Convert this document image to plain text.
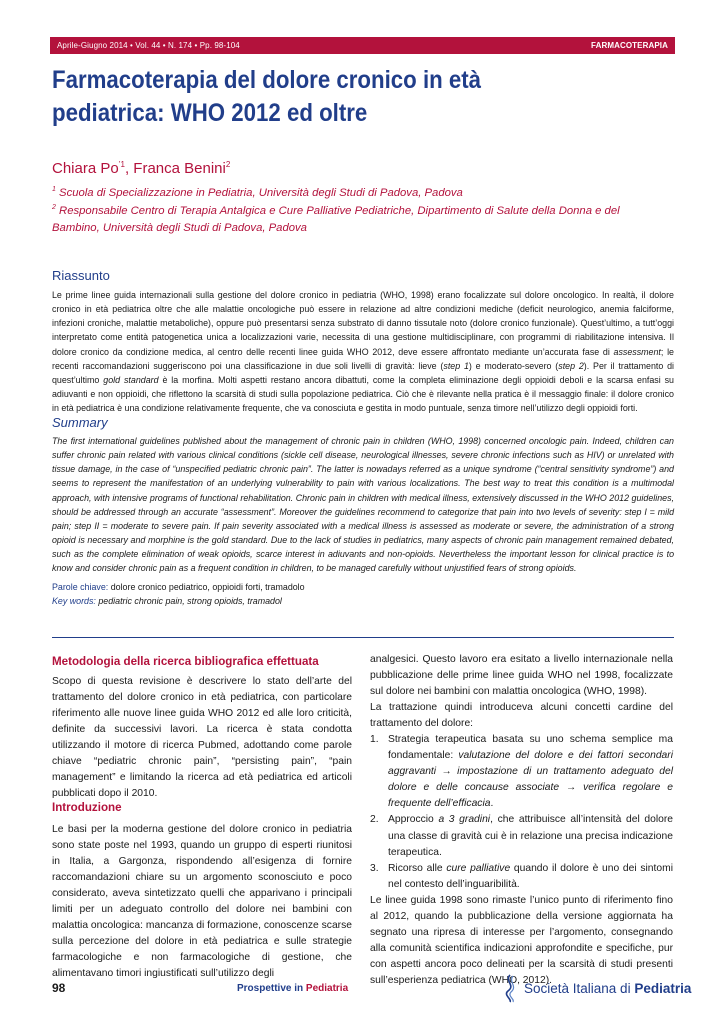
Aprile-Giugno 2014 • Vol. 44 • N. 174 • Pp. 98-104	FARMACOTERAPIA
Farmacoterapia del dolore cronico in età
pediatrica: WHO 2012 ed oltre
Chiara $Po^{’1}$, Franca Benini$^2$
$^1$ Scuola di Specializzazione in Pediatria, Università degli Studi di Padova, Padova
$^2$ Responsabile Centro di Terapia Antalgica e Cure Palliative Pediatriche, Dipartimento di Salute della Donna e del
Bambino, Università degli Studi di Padova, Padova
Riassunto
Le prime linee guida internazionali sulla gestione del dolore cronico in pediatria (WHO, 1998) erano focalizzate sul dolore oncologico. In realtà, il dolore cronico in età pediatrica oltre che alle malattie oncologiche può essere in relazione ad altre condizioni mediche (deficit neurologico, anemia falciforme, infezioni croniche, malattie metaboliche), oppure può presentarsi senza substrato di danno tissutale noto (dolore cronico funzionale). Quest’ultimo, a tutt’oggi interpretato come entità patogenetica unica a localizzazioni varie, necessita di una gestione multidisciplinare, con programmi di riabilitazione intensiva. Il dolore cronico da condizione medica, al centro delle recenti linee guida WHO 2012, deve essere affrontato mediante un’accurata fase di assessment; le recenti raccomandazioni suggeriscono poi una classificazione in due soli livelli di gravità: lieve (step 1) e moderato-severo (step 2). Per il trattamento di quest’ultimo gold standard è la morfina. Molti aspetti restano ancora dibattuti, come la completa eliminazione degli oppioidi deboli e la scarsa enfasi su adiuvanti e non oppioidi, che riflettono la scarsità di studi sulla popolazione pediatrica. Ciò che è rilevante nella pratica è il messaggio finale: il dolore cronico in età pediatrica è una condizione relativamente frequente, che va conosciuta e gestita in modo puntuale, senza timore nell’utilizzo degli oppioidi forti.
Summary
The first international guidelines published about the management of chronic pain in children (WHO, 1998) concerned oncologic pain. Indeed, children can suffer chronic pain related with various clinical conditions (sickle cell disease, neurological illnesses, severe chronic infections such as HIV) or unrelated with tissue damage, in the case of “unspecified pediatric chronic pain”. The latter is nowadays referred as a unique syndrome (“central sensitivity syndrome”) and seems to represent the manifestation of an underlying vulnerability to pain with various localizations. The best way to treat this condition is a multimodal approach, with intensive programs of functional rehabilitation. Chronic pain in children with medical illness, extensively discussed in the WHO 2012 guidelines, should be addressed through an accurate “assessment”. Moreover the guidelines recommend to categorize that pain into two levels of severity: step I = mild pain; step II = moderate to severe pain. If pain severity associated with a medical illness is assessed as moderate or severe, the administration of a strong opioid is necessary and morphine is the gold standard. Due to the lack of studies in pediatrics, many aspects of chronic pain management remained debated, such as the complete elimination of weak opioids, scarce interest in adiuvants and non-opioids. Nevertheless the important lesson for clinical practice is to know and consider chronic pain as a frequent condition in children, to be managed carefully without unjustified fears of strong opioids.
Parole chiave: dolore cronico pediatrico, oppioidi forti, tramadolo
Key words: pediatric chronic pain, strong opioids, tramadol
Metodologia della ricerca bibliografica effettuata
Scopo di questa revisione è descrivere lo stato dell’arte del trattamento del dolore cronico in età pediatrica, con particolare riferimento alle nuove linee guida WHO 2012 ed alle loro criticità, definite da successivi lavori. La ricerca è stata condotta utilizzando il motore di ricerca Pubmed, adottando come parole chiave “pediatric chronic pain”, “persisting pain”, “pain management” e limitando la ricerca ad età pediatrica ed articoli pubblicati dopo il 2010.
Introduzione
Le basi per la moderna gestione del dolore cronico in pediatria sono state poste nel 1993, quando un gruppo di esperti riunitosi in Italia, a Gargonza, rispondendo all’esigenza di fornire raccomandazioni chiare su un argomento sconosciuto e poco considerato, aveva sintetizzato quelli che apparivano i principali limiti per un adeguato controllo del dolore nei bambini con malattia oncologica: mancanza di formazione, conoscenze scarse sulla percezione del dolore in età pediatrica e sulle strategie farmacologiche e non farmacologiche di gestione, che alimentavano timori ingiustificati sull’utilizzo degli

analgesici. Questo lavoro era esitato a livello internazionale nella pubblicazione delle prime linee guida WHO nel 1998, focalizzate sul dolore nei bambini con malattia oncologica (WHO, 1998).

La trattazione quindi introduceva alcuni concetti cardine del trattamento del dolore:

1. Strategia terapeutica basata su uno schema semplice ma fondamentale: valutazione del dolore e dei fattori secondari aggravanti → impostazione di un trattamento adeguato del dolore e delle concause associate → verifica regolare e frequente dell’efficacia.
2. Approccio a 3 gradini, che attribuisce all’intensità del dolore una classe di gravità cui è in relazione una precisa indicazione terapeutica.
3. Ricorso alle cure palliative quando il dolore è uno dei sintomi nel contesto dell’inguaribilità.

Le linee guida 1998 sono rimaste l’unico punto di riferimento fino al 2012, quando la pubblicazione della versione aggiornata ha segnato una ripresa di interesse per l’argomento, consegnando alla comunità scientifica indicazioni approfondite e specifiche, pur con aspetti ancora poco delineati per la scarsità di studi presenti sull’esperienza pediatrica (WHO, 2012).

98	Prospettive in Pediatria	Società Italiana di Pediatria
